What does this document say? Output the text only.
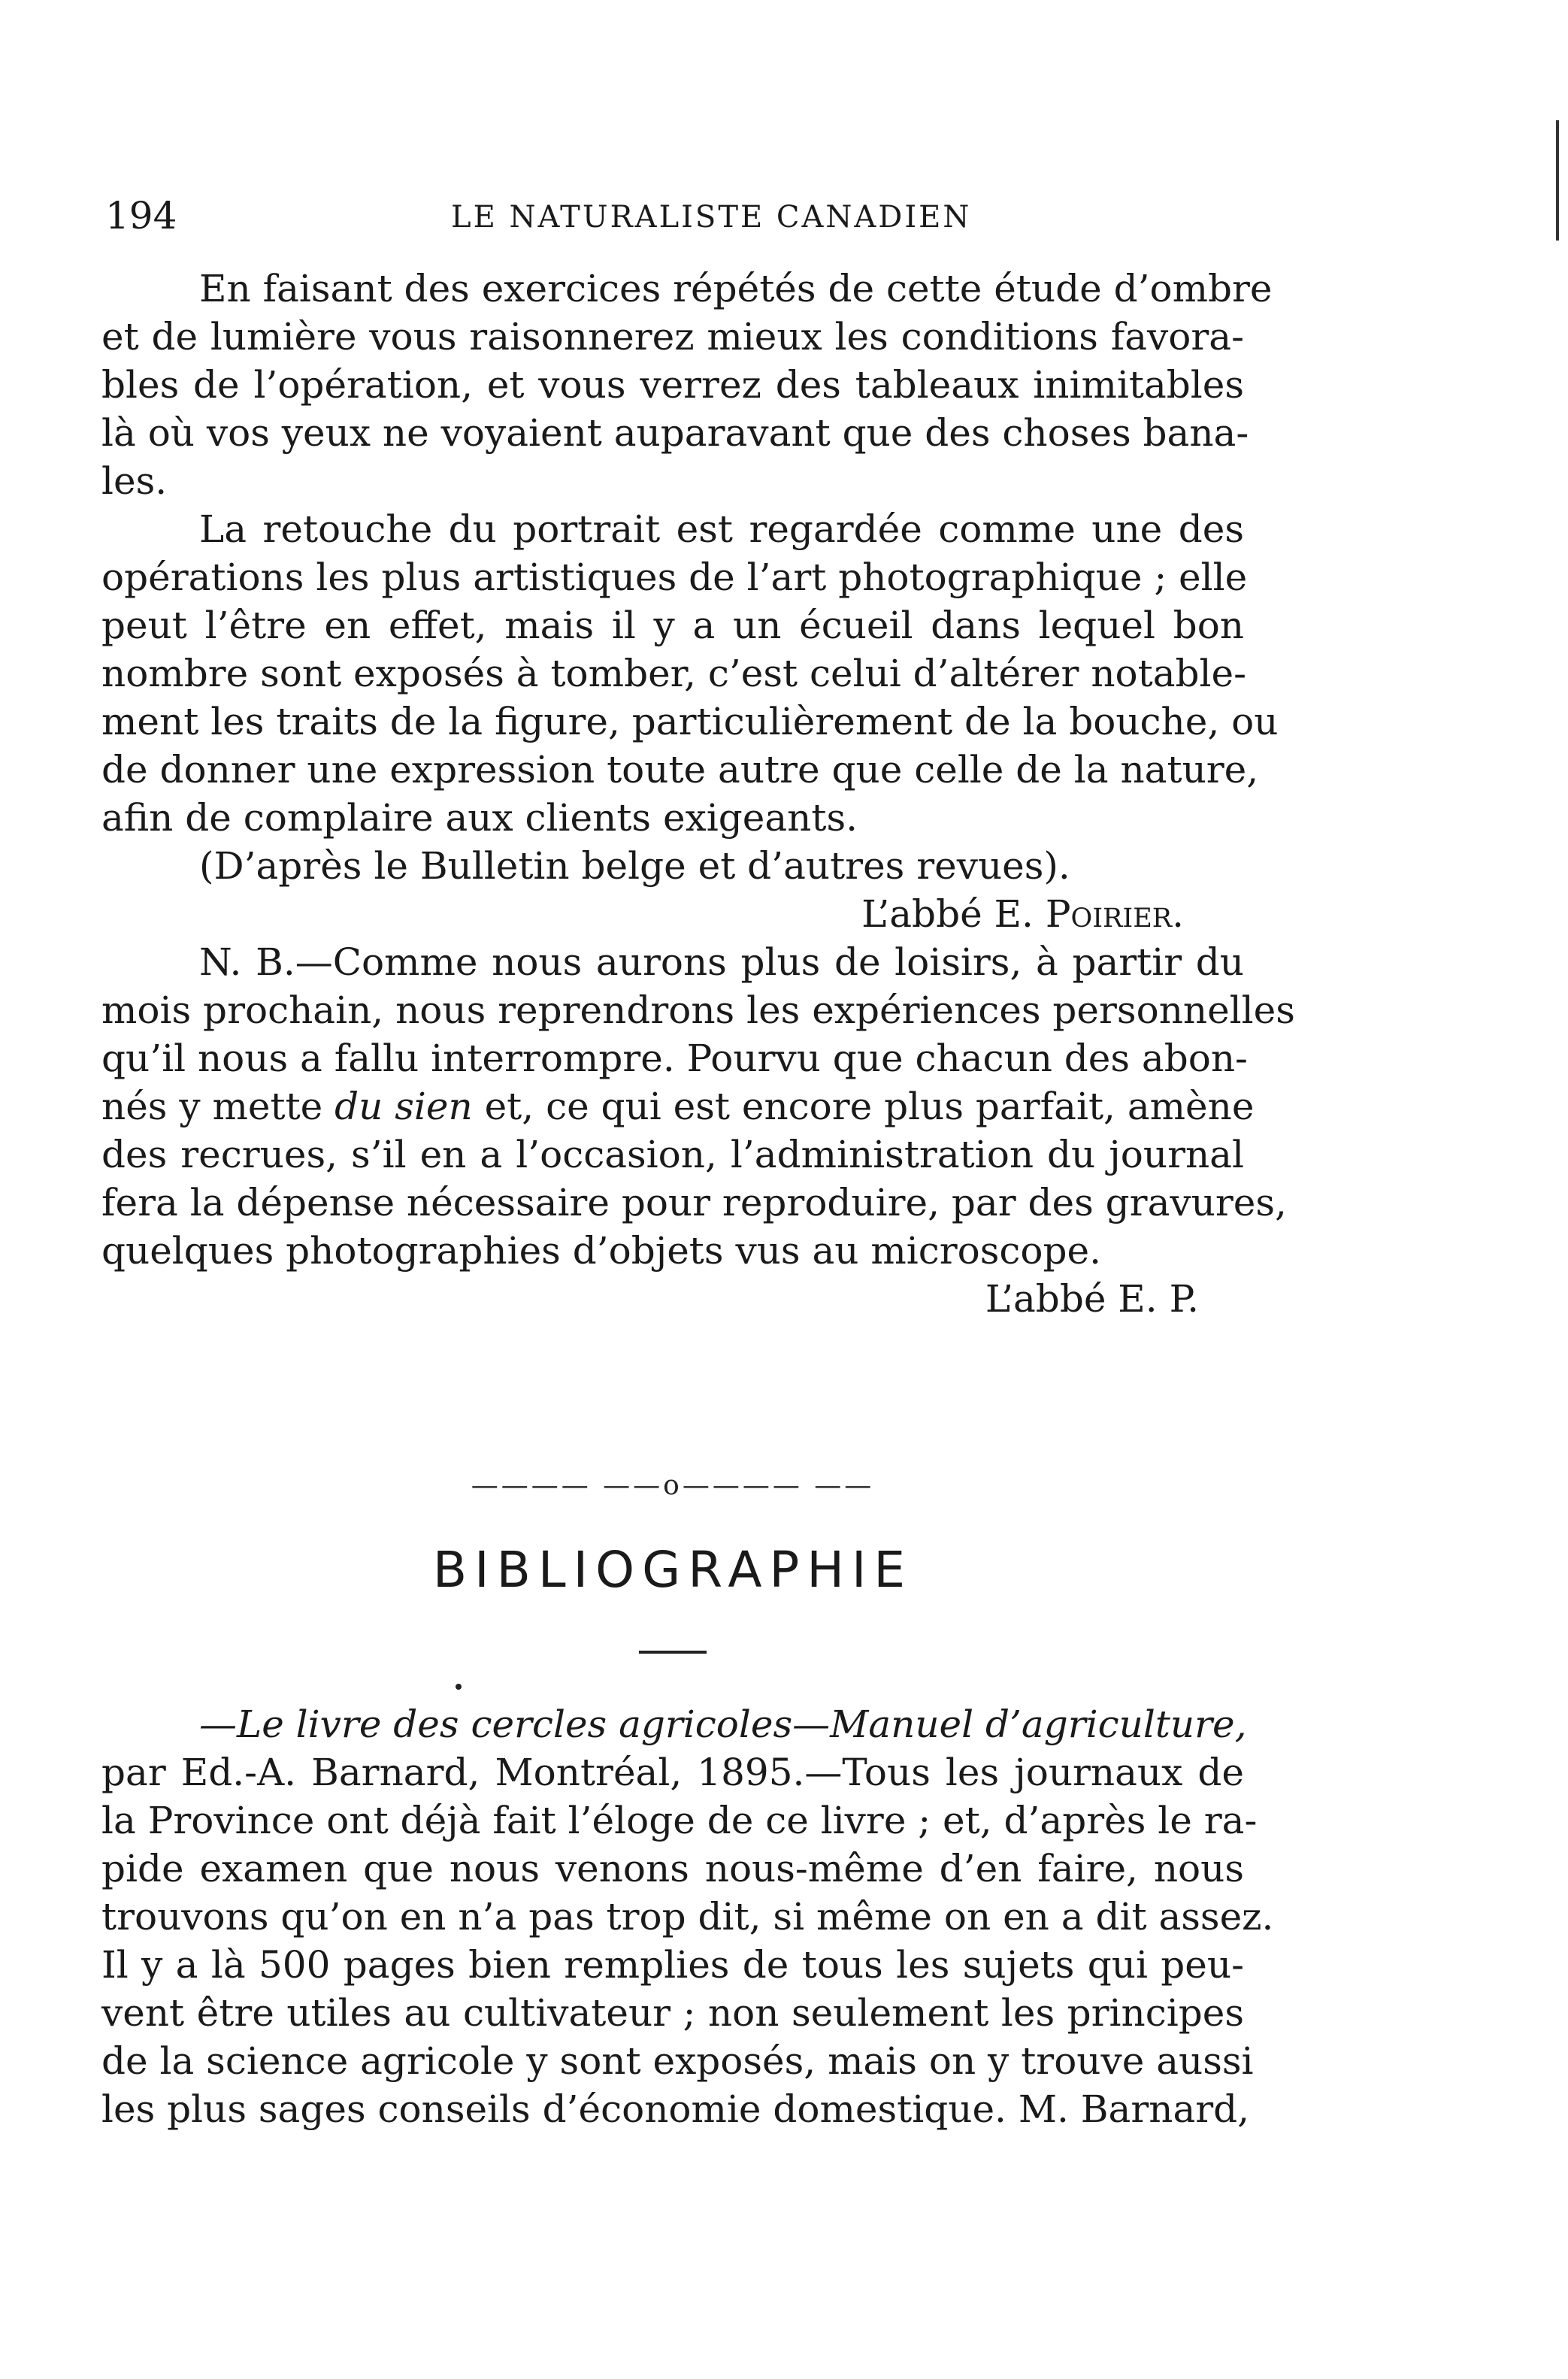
194	LE NATURALISTE CANADIEN
En faisant des exercices répétés de cette étude d’ombre
et de lumière vous raisonnerez mieux les conditions favora-
bles de l’opération, et vous verrez des tableaux inimitables
là où vos yeux ne voyaient auparavant que des choses bana-
les.
La retouche du portrait est regardée comme une des
opérations les plus artistiques de l’art photographique ; elle
peut l’être en effet, mais il y a un écueil dans lequel bon
nombre sont exposés à tomber, c’est celui d’altérer notable-
ment les traits de la figure, particulièrement de la bouche, ou
de donner une expression toute autre que celle de la nature,
afin de complaire aux clients exigeants.
(D’après le Bulletin belge et d’autres revues).
L’abbé E. Poirier.
N. B.—Comme nous aurons plus de loisirs, à partir du
mois prochain, nous reprendrons les expériences personnelles
qu’il nous a fallu interrompre. Pourvu que chacun des abon-
nés y mette du sien et, ce qui est encore plus parfait, amène
des recrues, s’il en a l’occasion, l’administration du journal
fera la dépense nécessaire pour reproduire, par des gravures,
quelques photographies d’objets vus au microscope.
L’abbé E. P.
———— ——o———— ——
BIBLIOGRAPHIE
—Le livre des cercles agricoles—Manuel d’agriculture,
par Ed.-A. Barnard, Montréal, 1895.—Tous les journaux de
la Province ont déjà fait l’éloge de ce livre ; et, d’après le ra-
pide examen que nous venons nous-même d’en faire, nous
trouvons qu’on en n’a pas trop dit, si même on en a dit assez.
Il y a là 500 pages bien remplies de tous les sujets qui peu-
vent être utiles au cultivateur ; non seulement les principes
de la science agricole y sont exposés, mais on y trouve aussi
les plus sages conseils d’économie domestique. M. Barnard,
